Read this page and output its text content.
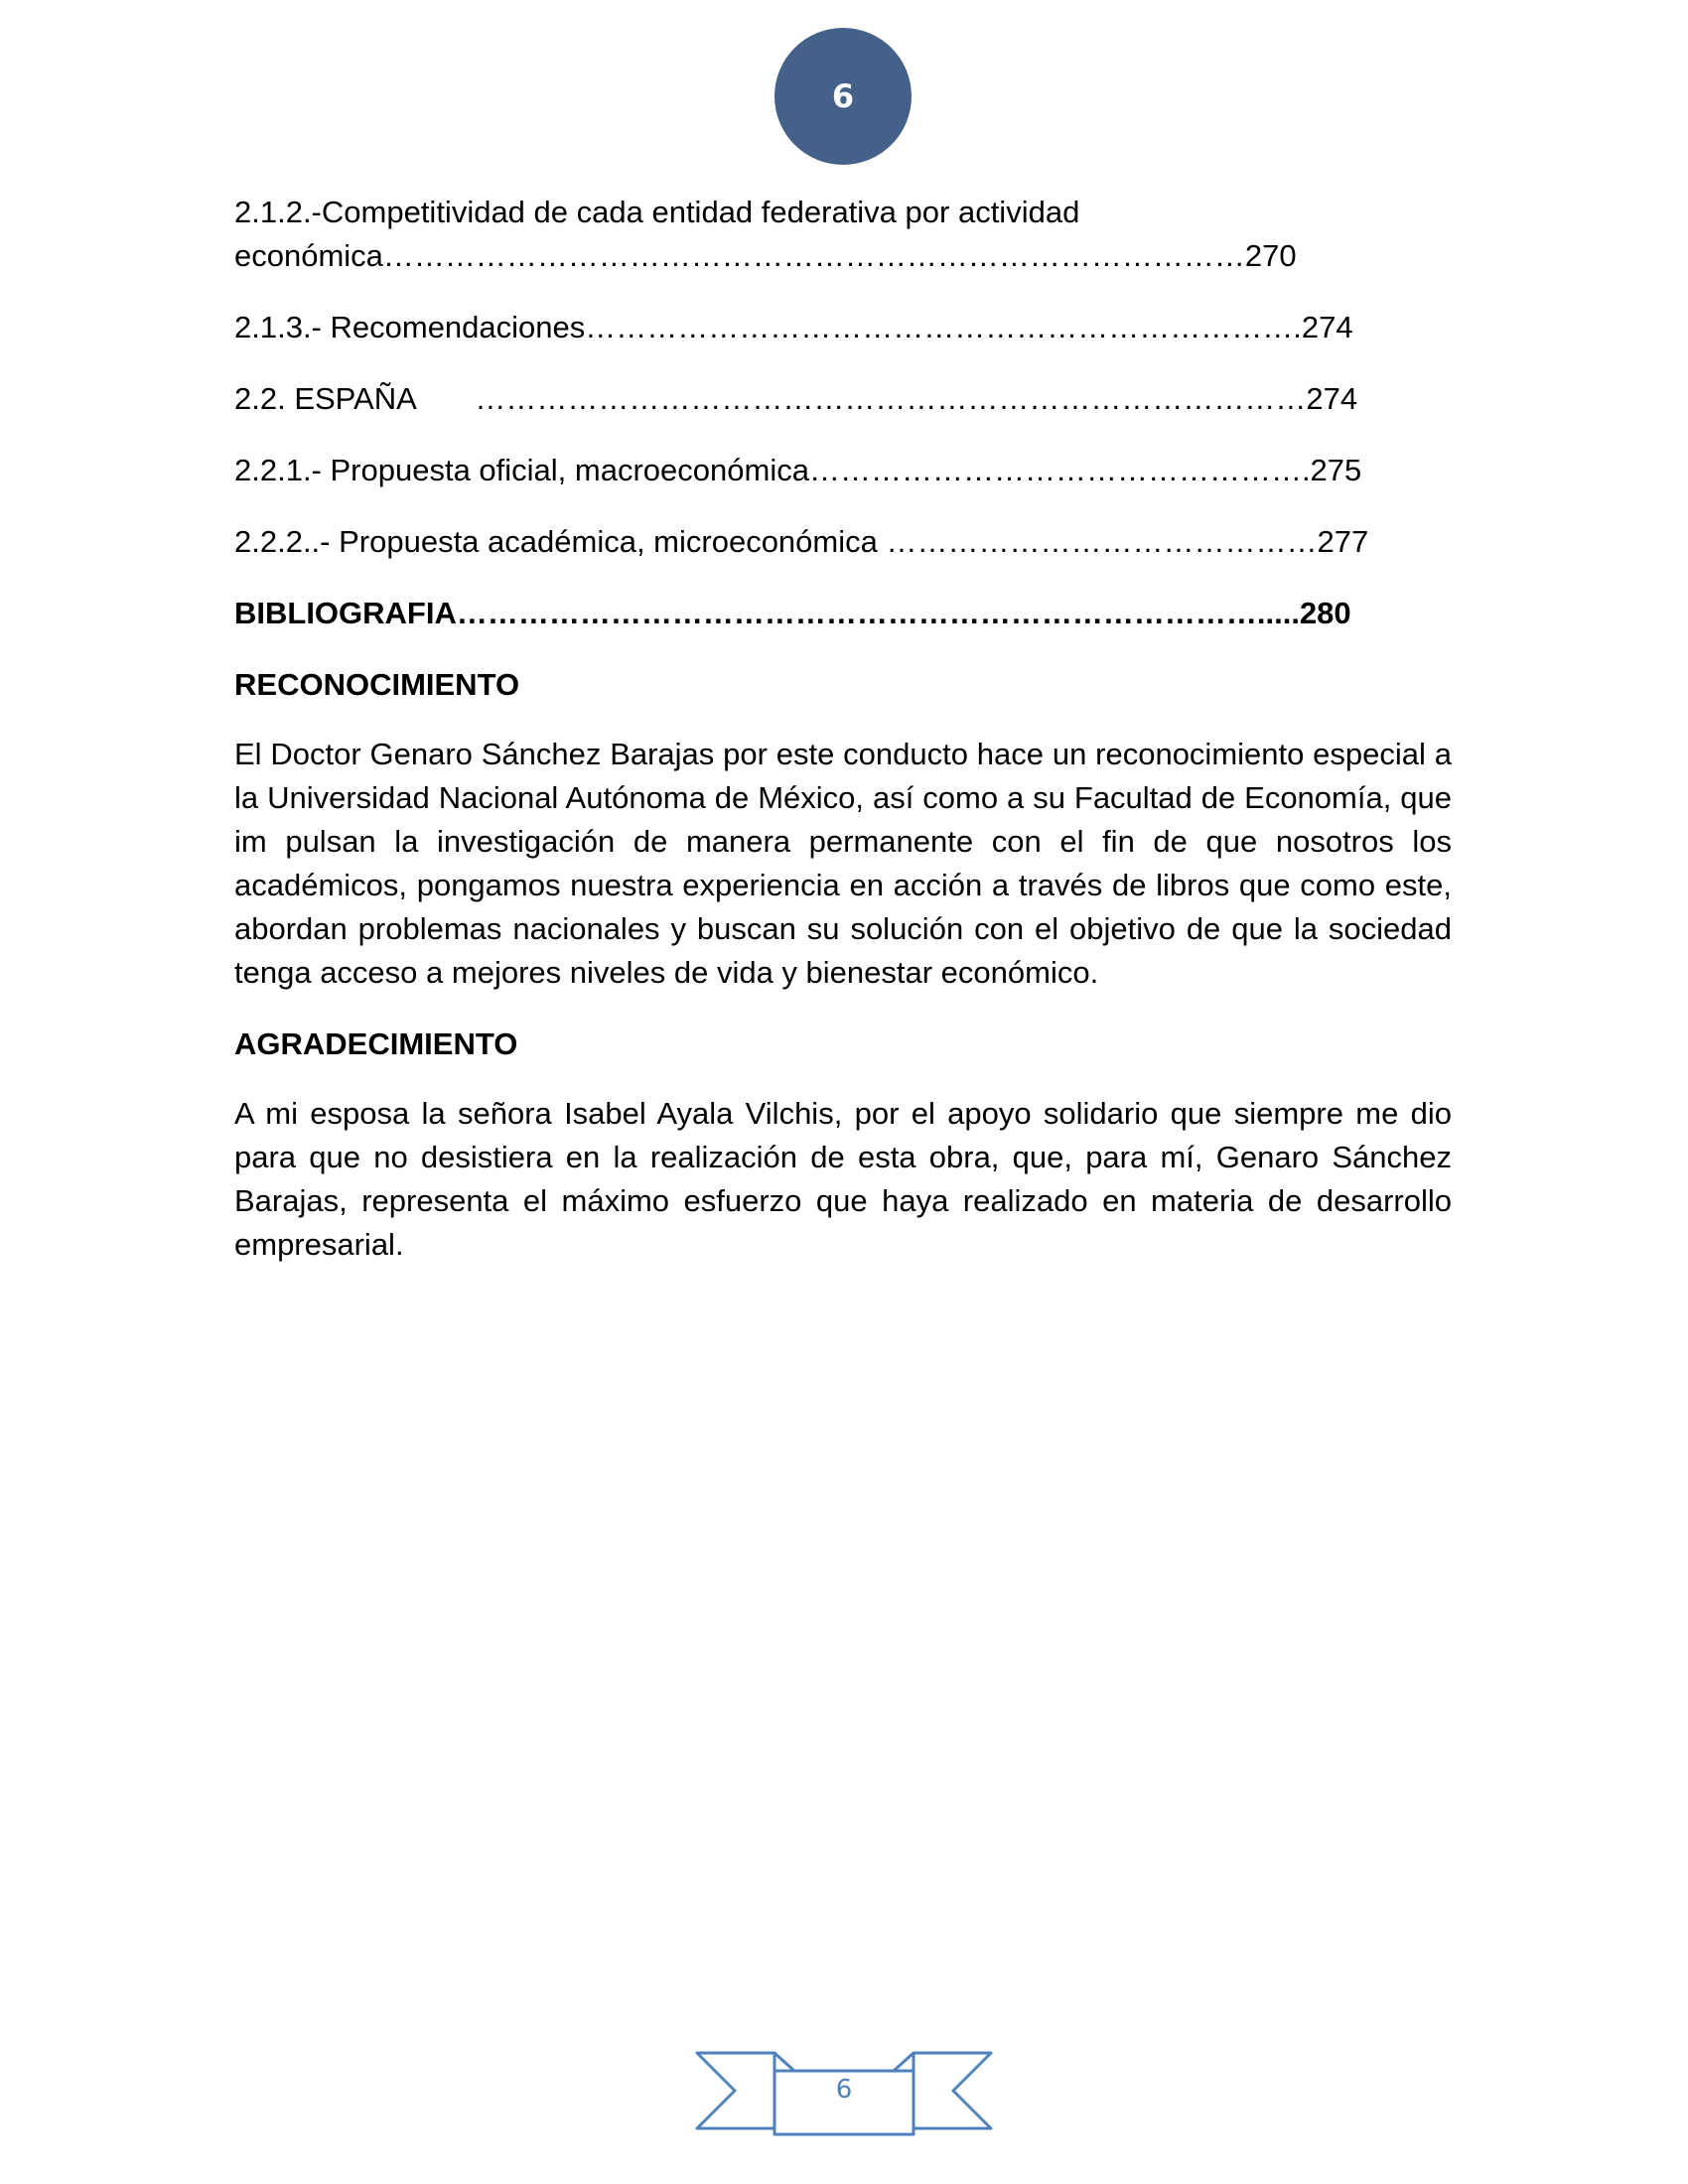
6
2.1.2.-Competitividad de cada entidad federativa por actividad
económica…………………………………………………………………………270
2.1.3.- Recomendaciones…………………………………………………………….274
2.2. ESPAÑA       ………………………………………………………………………274
2.2.1.- Propuesta oficial, macroeconómica………………………………………….275
2.2.2..- Propuesta académica, microeconómica ……………………………………277
BIBLIOGRAFIA…………………………………………………………………….....280
RECONOCIMIENTO
El Doctor Genaro Sánchez Barajas por este conducto hace un reconocimiento especial a la Universidad Nacional Autónoma de México, así como a su Facultad de Economía, que im pulsan la investigación de manera permanente con el fin de que nosotros los académicos, pongamos nuestra experiencia en acción a través de libros que como este, abordan problemas nacionales y buscan su solución con el objetivo de que la sociedad tenga acceso a mejores niveles de vida y bienestar económico.
AGRADECIMIENTO
A mi esposa la señora Isabel Ayala Vilchis, por el apoyo solidario que siempre me dio para que no desistiera en la realización de esta obra, que, para mí, Genaro Sánchez Barajas, representa el máximo esfuerzo que haya realizado en materia de desarrollo empresarial.
6
